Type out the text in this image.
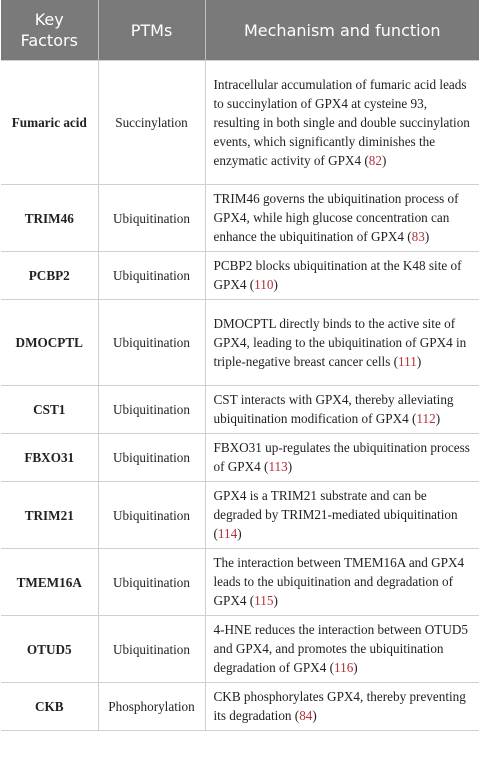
Key Factors	PTMs	Mechanism and function
Fumaric acid	Succinylation	Intracellular accumulation of fumaric acid leads to succinylation of GPX4 at cysteine 93, resulting in both single and double succinylation events, which significantly diminishes the enzymatic activity of GPX4 (82)
TRIM46	Ubiquitination	TRIM46 governs the ubiquitination process of GPX4, while high glucose concentration can enhance the ubiquitination of GPX4 (83)
PCBP2	Ubiquitination	PCBP2 blocks ubiquitination at the K48 site of GPX4 (110)
DMOCPTL	Ubiquitination	DMOCPTL directly binds to the active site of GPX4, leading to the ubiquitination of GPX4 in triple-negative breast cancer cells (111)
CST1	Ubiquitination	CST interacts with GPX4, thereby alleviating ubiquitination modification of GPX4 (112)
FBXO31	Ubiquitination	FBXO31 up-regulates the ubiquitination process of GPX4 (113)
TRIM21	Ubiquitination	GPX4 is a TRIM21 substrate and can be degraded by TRIM21-mediated ubiquitination (114)
TMEM16A	Ubiquitination	The interaction between TMEM16A and GPX4 leads to the ubiquitination and degradation of GPX4 (115)
OTUD5	Ubiquitination	4-HNE reduces the interaction between OTUD5 and GPX4, and promotes the ubiquitination degradation of GPX4 (116)
CKB	Phosphorylation	CKB phosphorylates GPX4, thereby preventing its degradation (84)
